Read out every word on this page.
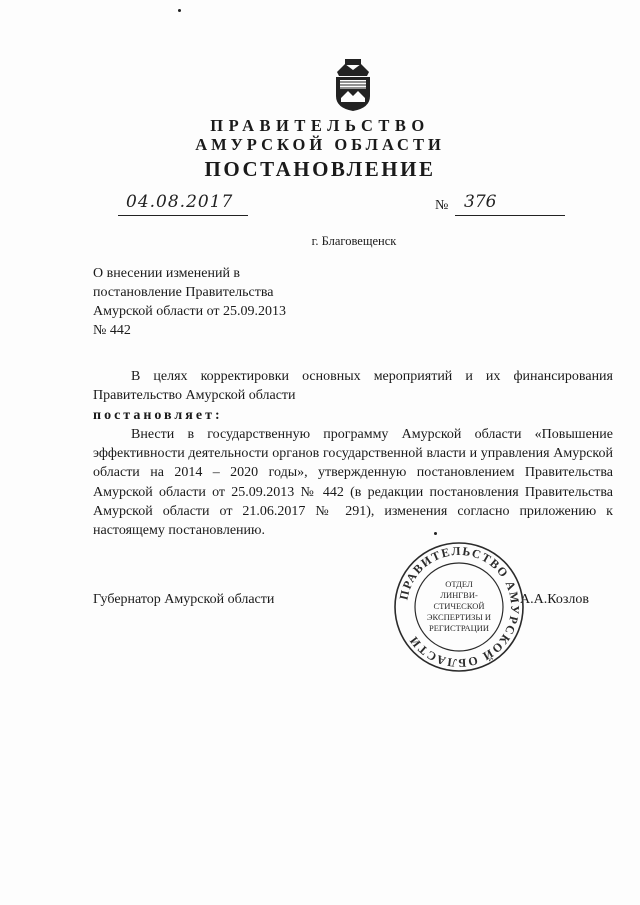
ПРАВИТЕЛЬСТВО
АМУРСКОЙ ОБЛАСТИ
ПОСТАНОВЛЕНИЕ
04.08.2017	№ 376
г. Благовещенск
О внесении изменений в
постановление Правительства
Амурской области от 25.09.2013
№ 442

В целях корректировки основных мероприятий и их финансирования Правительство Амурской области

постановляет:

Внести в государственную программу Амурской области «Повышение эффективности деятельности органов государственной власти и управления Амурской области на 2014 – 2020 годы», утвержденную постановлением Правительства Амурской области от 25.09.2013 № 442 (в редакции постановления Правительства Амурской области от 21.06.2017 № 291), изменения согласно приложению к настоящему постановлению.

Губернатор Амурской области	А.А.Козлов
ПРАВИТЕЛЬСТВО АМУРСКОЙ ОБЛАСТИ
ОТДЕЛ
ЛИНГВИ-
СТИЧЕСКОЙ
ЭКСПЕРТИЗЫ И
РЕГИСТРАЦИИ
